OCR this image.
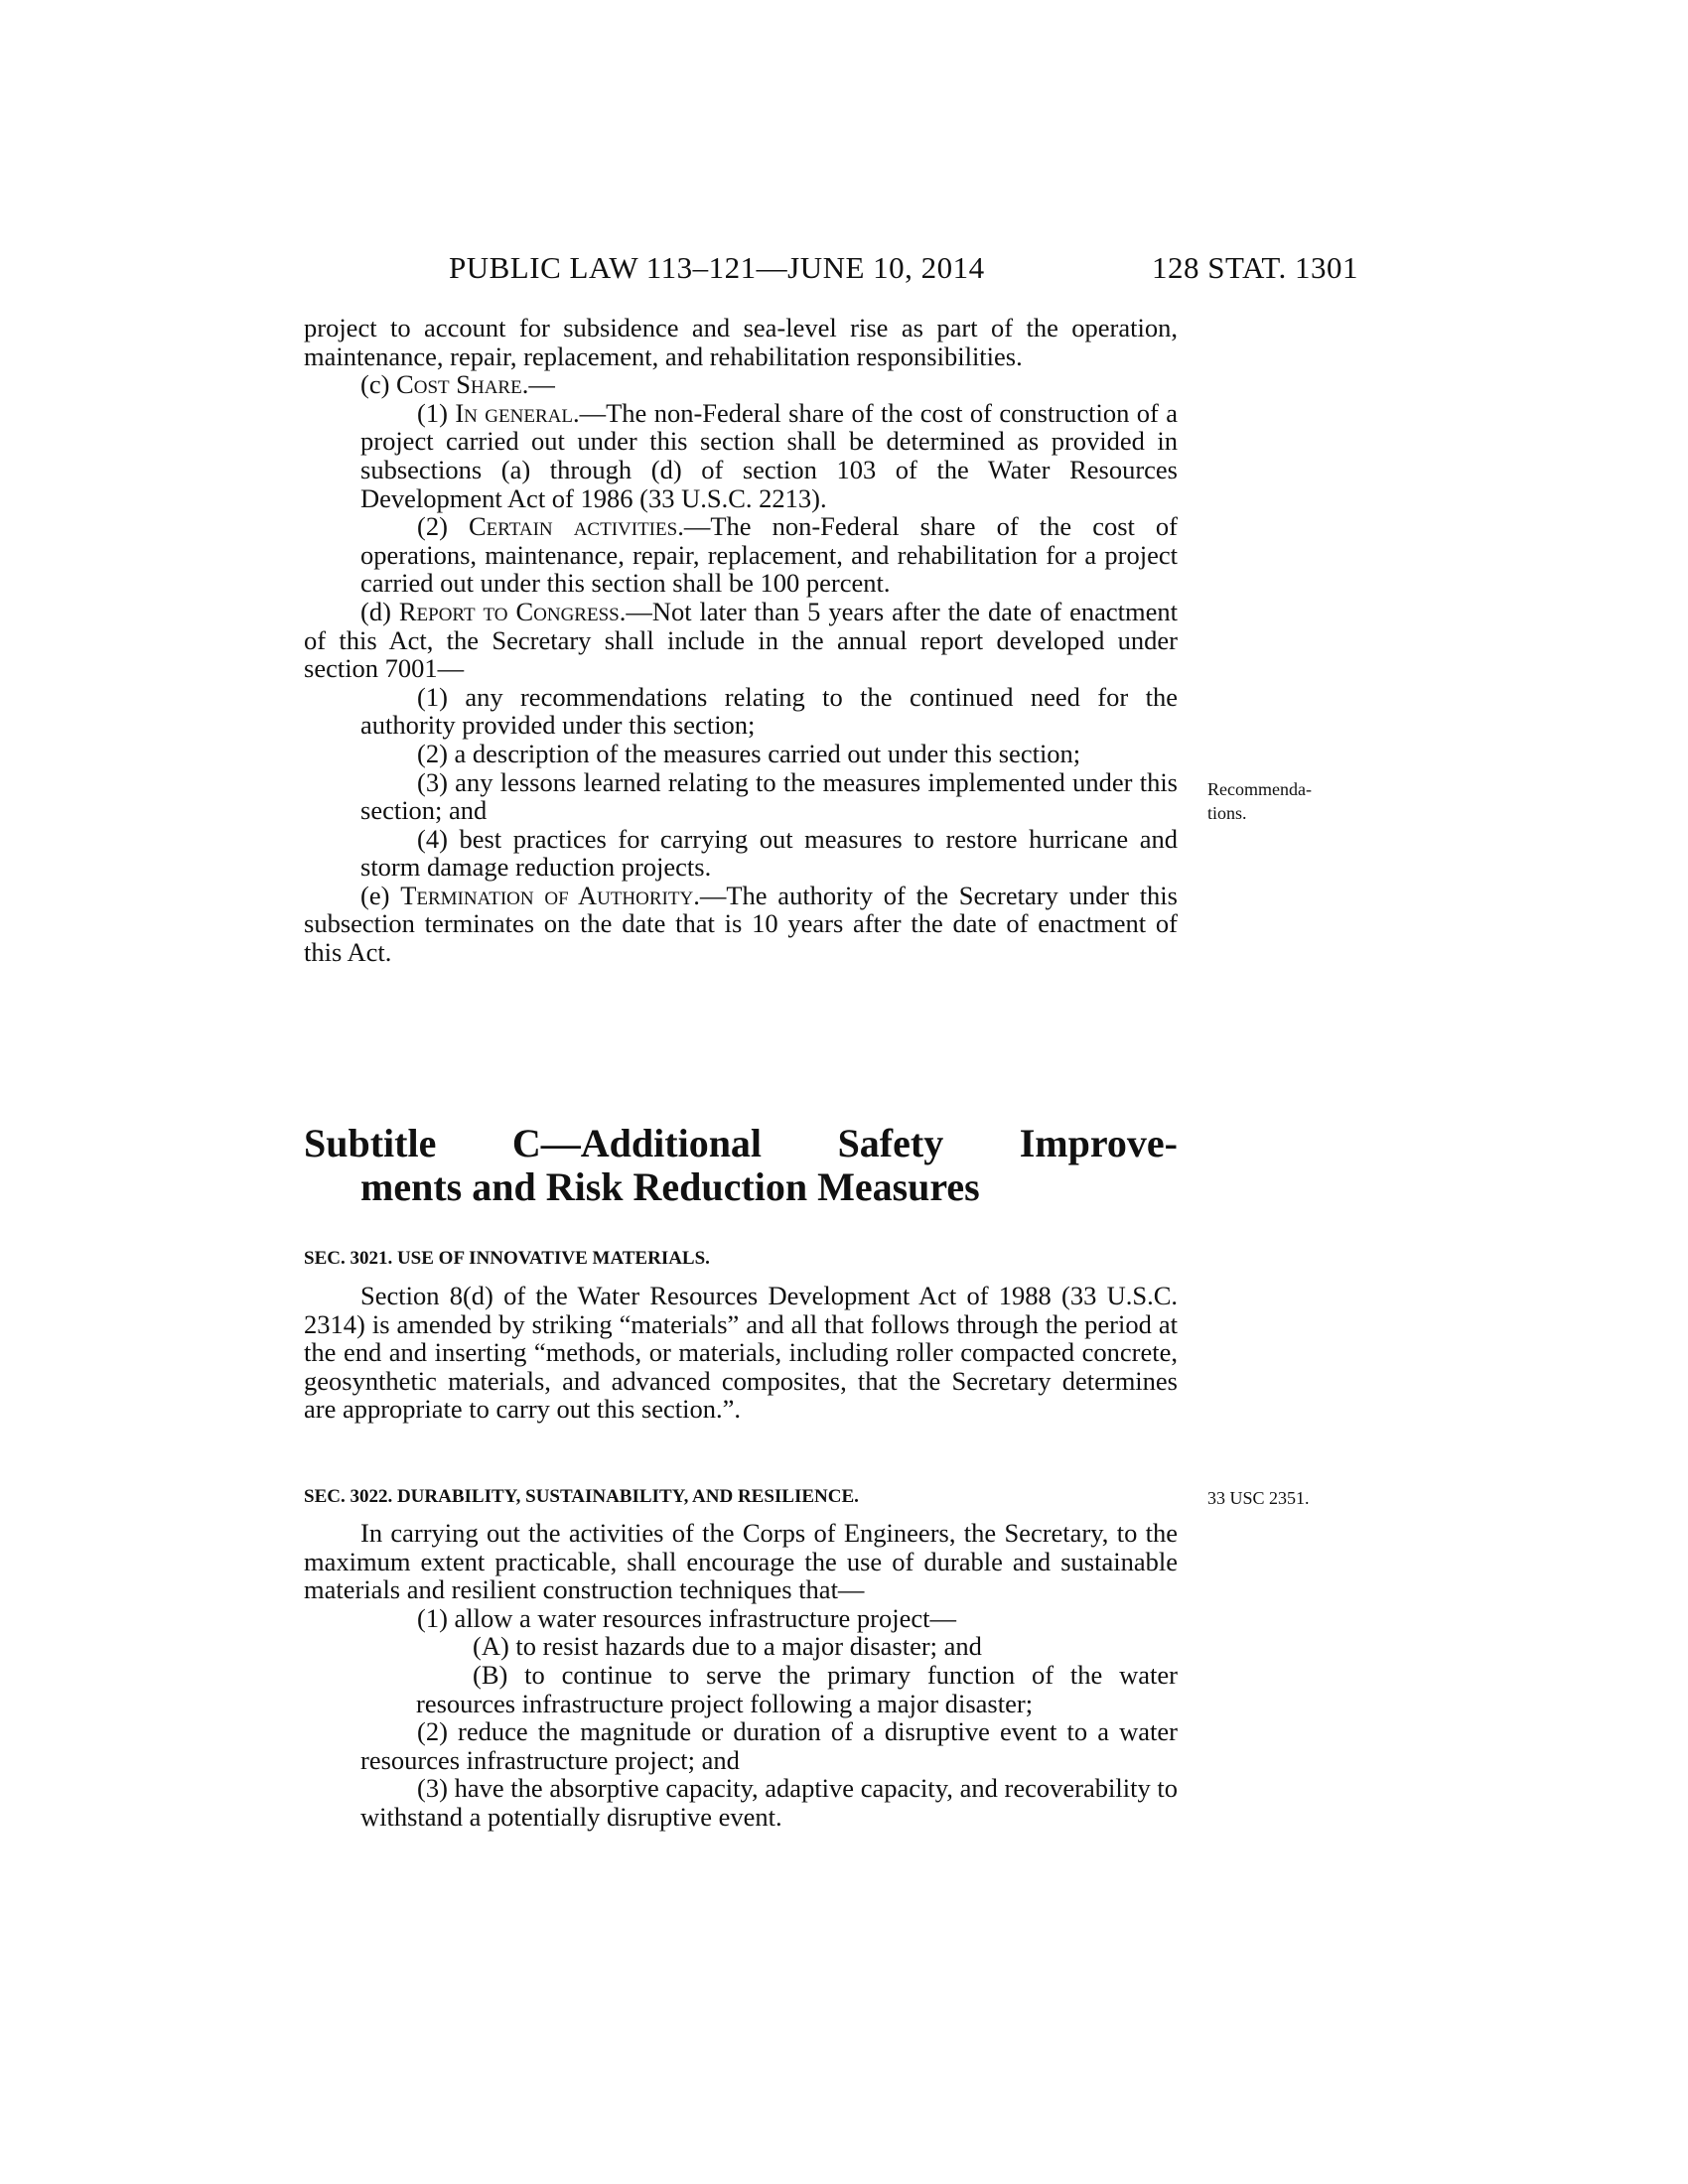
PUBLIC LAW 113–121—JUNE 10, 2014	128 STAT. 1301

project to account for subsidence and sea-level rise as part of the operation, maintenance, repair, replacement, and rehabilitation responsibilities.

(c) Cost Share.—

(1) In general.—The non-Federal share of the cost of construction of a project carried out under this section shall be determined as provided in subsections (a) through (d) of section 103 of the Water Resources Development Act of 1986 (33 U.S.C. 2213).

(2) Certain activities.—The non-Federal share of the cost of operations, maintenance, repair, replacement, and rehabilitation for a project carried out under this section shall be 100 percent.

(d) Report to Congress.—Not later than 5 years after the date of enactment of this Act, the Secretary shall include in the annual report developed under section 7001—

(1) any recommendations relating to the continued need for the authority provided under this section;

(2) a description of the measures carried out under this section;

(3) any lessons learned relating to the measures implemented under this section; and

(4) best practices for carrying out measures to restore hurricane and storm damage reduction projects.

(e) Termination of Authority.—The authority of the Secretary under this subsection terminates on the date that is 10 years after the date of enactment of this Act.

Recommenda-
tions.
Subtitle C—Additional Safety Improve-
ments and Risk Reduction Measures
SEC. 3021. USE OF INNOVATIVE MATERIALS.

Section 8(d) of the Water Resources Development Act of 1988 (33 U.S.C. 2314) is amended by striking “materials” and all that follows through the period at the end and inserting “methods, or materials, including roller compacted concrete, geosynthetic materials, and advanced composites, that the Secretary determines are appropriate to carry out this section.”.

SEC. 3022. DURABILITY, SUSTAINABILITY, AND RESILIENCE.	33 USC 2351.

In carrying out the activities of the Corps of Engineers, the Secretary, to the maximum extent practicable, shall encourage the use of durable and sustainable materials and resilient construction techniques that—

(1) allow a water resources infrastructure project—

(A) to resist hazards due to a major disaster; and

(B) to continue to serve the primary function of the water resources infrastructure project following a major disaster;

(2) reduce the magnitude or duration of a disruptive event to a water resources infrastructure project; and

(3) have the absorptive capacity, adaptive capacity, and recoverability to withstand a potentially disruptive event.
